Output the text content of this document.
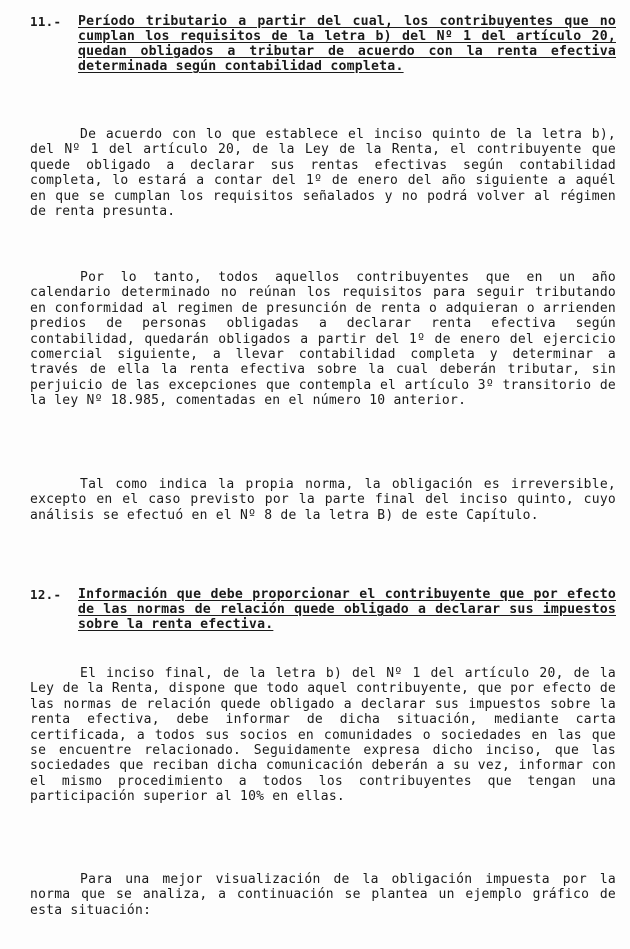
11.- Período tributario a partir del cual, los contribuyentes que no cumplan los requisitos de la letra b) del Nº 1 del artículo 20, quedan obligados a tributar de acuerdo con la renta efectiva determinada según contabilidad completa.

De acuerdo con lo que establece el inciso quinto de la letra b), del Nº 1 del artículo 20, de la Ley de la Renta, el contribuyente que quede obligado a declarar sus rentas efectivas según contabilidad completa, lo estará a contar del 1º de enero del año siguiente a aquél en que se cumplan los requisitos señalados y no podrá volver al régimen de renta presunta.

Por lo tanto, todos aquellos contribuyentes que en un año calendario determinado no reúnan los requisitos para seguir tributando en conformidad al regimen de presunción de renta o adquieran o arrienden predios de personas obligadas a declarar renta efectiva según contabilidad, quedarán obligados a partir del 1º de enero del ejercicio comercial siguiente, a llevar contabilidad completa y determinar a través de ella la renta efectiva sobre la cual deberán tributar, sin perjuicio de las excepciones que contempla el artículo 3º transitorio de la ley Nº 18.985, comentadas en el número 10 anterior.

Tal como indica la propia norma, la obligación es irreversible, excepto en el caso previsto por la parte final del inciso quinto, cuyo análisis se efectuó en el Nº 8 de la letra B) de este Capítulo.

12.- Información que debe proporcionar el contribuyente que por efecto de las normas de relación quede obligado a declarar sus impuestos sobre la renta efectiva.

El inciso final, de la letra b) del Nº 1 del artículo 20, de la Ley de la Renta, dispone que todo aquel contribuyente, que por efecto de las normas de relación quede obligado a declarar sus impuestos sobre la renta efectiva, debe informar de dicha situación, mediante carta certificada, a todos sus socios en comunidades o sociedades en las que se encuentre relacionado. Seguidamente expresa dicho inciso, que las sociedades que reciban dicha comunicación deberán a su vez, informar con el mismo procedimiento a todos los contribuyentes que tengan una participación superior al 10% en ellas.

Para una mejor visualización de la obligación impuesta por la norma que se analiza, a continuación se plantea un ejemplo gráfico de esta situación:
